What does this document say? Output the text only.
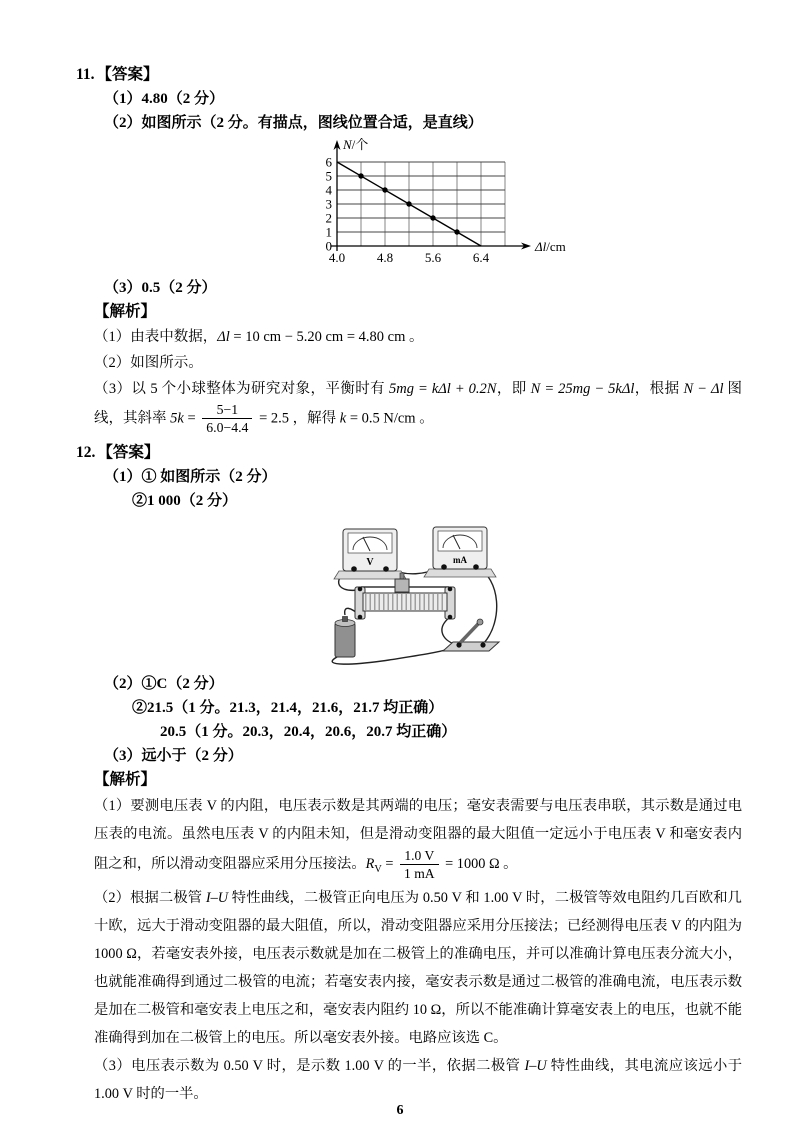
11. 【答案】

（1）4.80（2 分）

（2）如图所示（2 分。有描点，图线位置合适，是直线）

0
1
2
3
4
5
6
4.0 4.8 5.6 6.4
N/个
Δl/cm

（3）0.5（2 分）

【解析】

（1）由表中数据，Δl = 10 cm − 5.20 cm = 4.80 cm 。

（2）如图所示。

（3）以 5 个小球整体为研究对象，平衡时有 5mg = kΔl + 0.2N，即 N = 25mg − 5kΔl，根据 N − Δl 图线，其斜率 $5k = \frac{5-1}{6.0-4.4} = 2.5$ ，解得 k = 0.5 N/cm 。

12. 【答案】

（1）① 如图所示（2 分）

②1 000（2 分）

V	mA

（2）①C（2 分）

②21.5（1 分。21.3，21.4，21.6，21.7 均正确）

20.5（1 分。20.3，20.4，20.6，20.7 均正确）

（3）远小于（2 分）

【解析】

（1）要测电压表 V 的内阻，电压表示数是其两端的电压；毫安表需要与电压表串联，其示数是通过电压表的电流。虽然电压表 V 的内阻未知，但是滑动变阻器的最大阻值一定远小于电压表 V 和毫安表内阻之和，所以滑动变阻器应采用分压接法。$R_V = \frac{1.0 V}{1 mA} = 1000$ Ω 。

（2）根据二极管 I–U 特性曲线，二极管正向电压为 0.50 V 和 1.00 V 时，二极管等效电阻约几百欧和几十欧，远大于滑动变阻器的最大阻值，所以，滑动变阻器应采用分压接法；已经测得电压表 V 的内阻为 1000 Ω，若毫安表外接，电压表示数就是加在二极管上的准确电压，并可以准确计算电压表分流大小，也就能准确得到通过二极管的电流；若毫安表内接，毫安表示数是通过二极管的准确电流，电压表示数是加在二极管和毫安表上电压之和，毫安表内阻约 10 Ω，所以不能准确计算毫安表上的电压，也就不能准确得到加在二极管上的电压。所以毫安表外接。电路应该选 C。

（3）电压表示数为 0.50 V 时，是示数 1.00 V 的一半，依据二极管 I–U 特性曲线，其电流应该远小于 1.00 V 时的一半。

6
